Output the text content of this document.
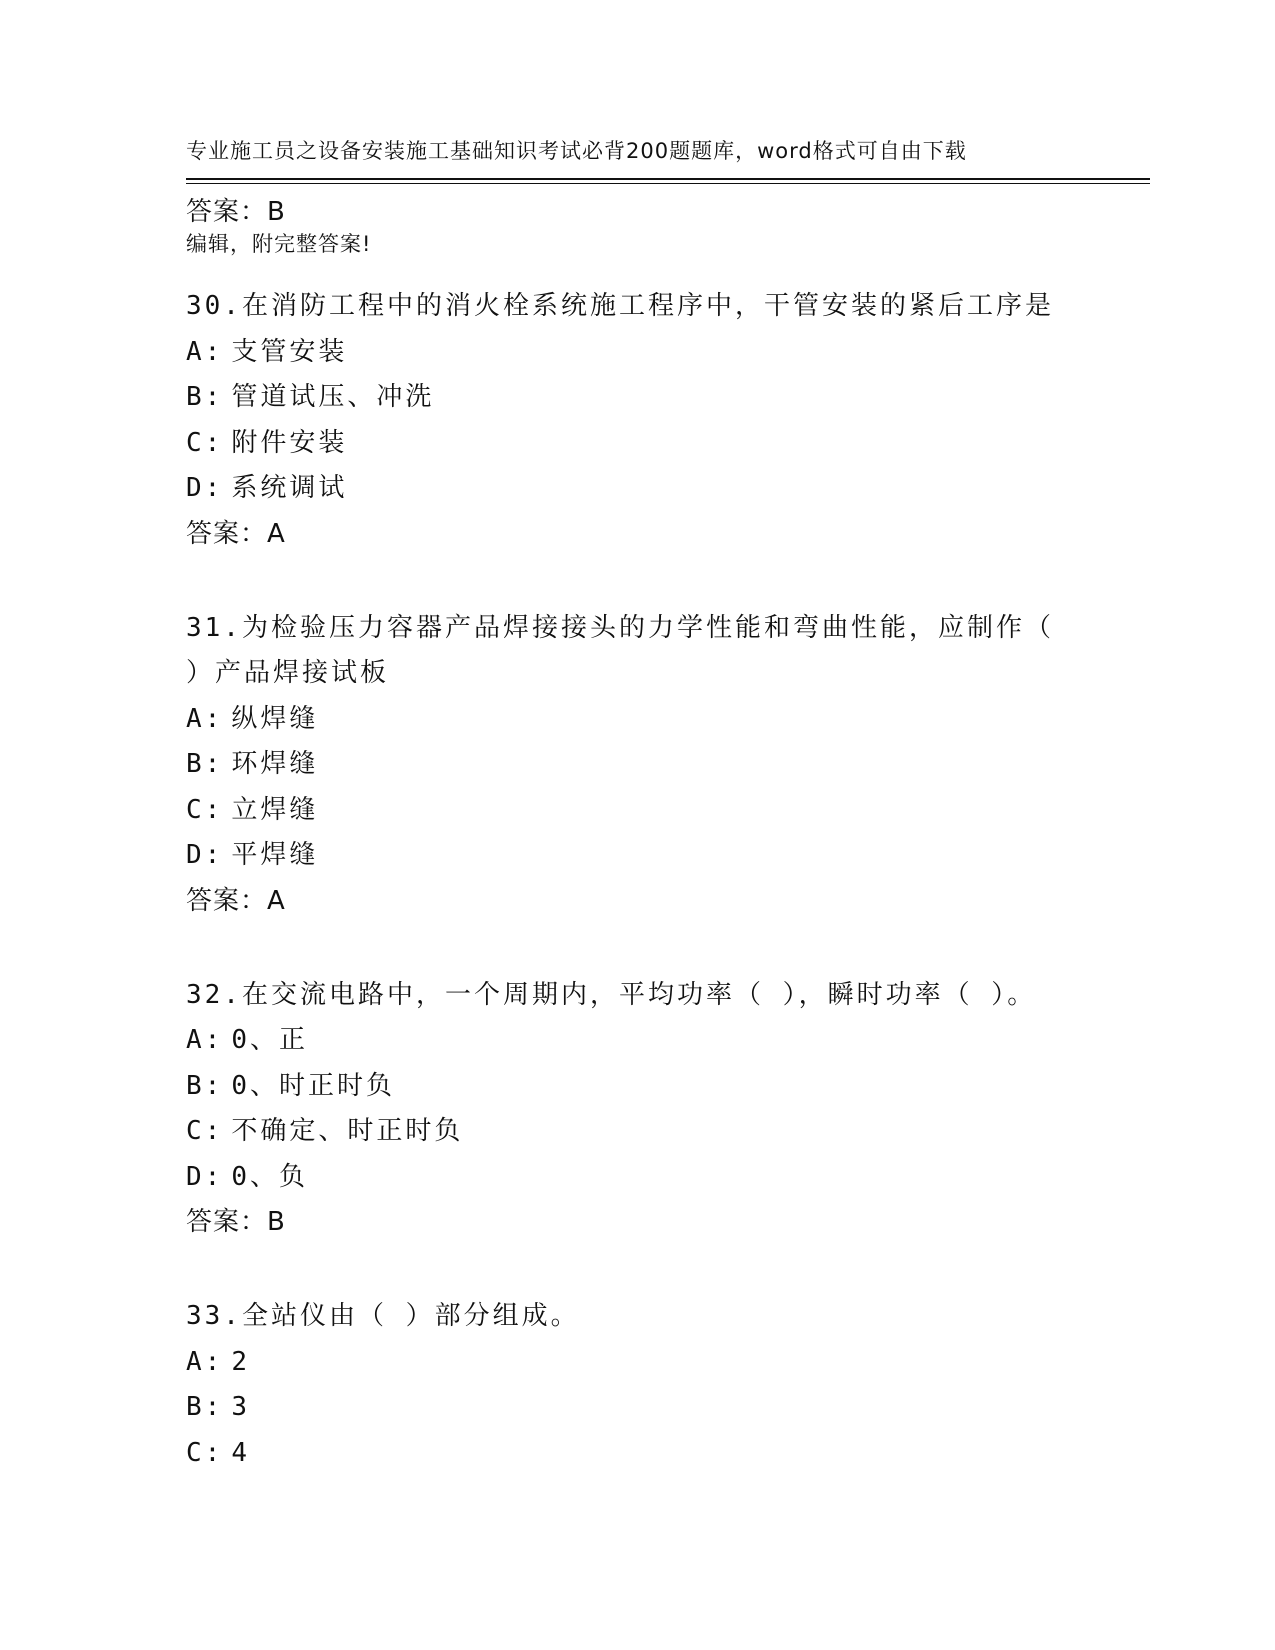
专业施工员之设备安装施工基础知识考试必背200题题库，word格式可自由下载

编辑，附完整答案!

答案：B
30.在消防工程中的消火栓系统施工程序中，干管安装的紧后工序是
A: 支管安装
B: 管道试压、冲洗
C: 附件安装
D: 系统调试
答案：A
31.为检验压力容器产品焊接接头的力学性能和弯曲性能，应制作（
）产品焊接试板
A: 纵焊缝
B: 环焊缝
C: 立焊缝
D: 平焊缝
答案：A
32.在交流电路中，一个周期内，平均功率（ ），瞬时功率（ ）。
A: 0、正
B: 0、时正时负
C: 不确定、时正时负
D: 0、负
答案：B
33.全站仪由（ ）部分组成。
A: 2
B: 3
C: 4
